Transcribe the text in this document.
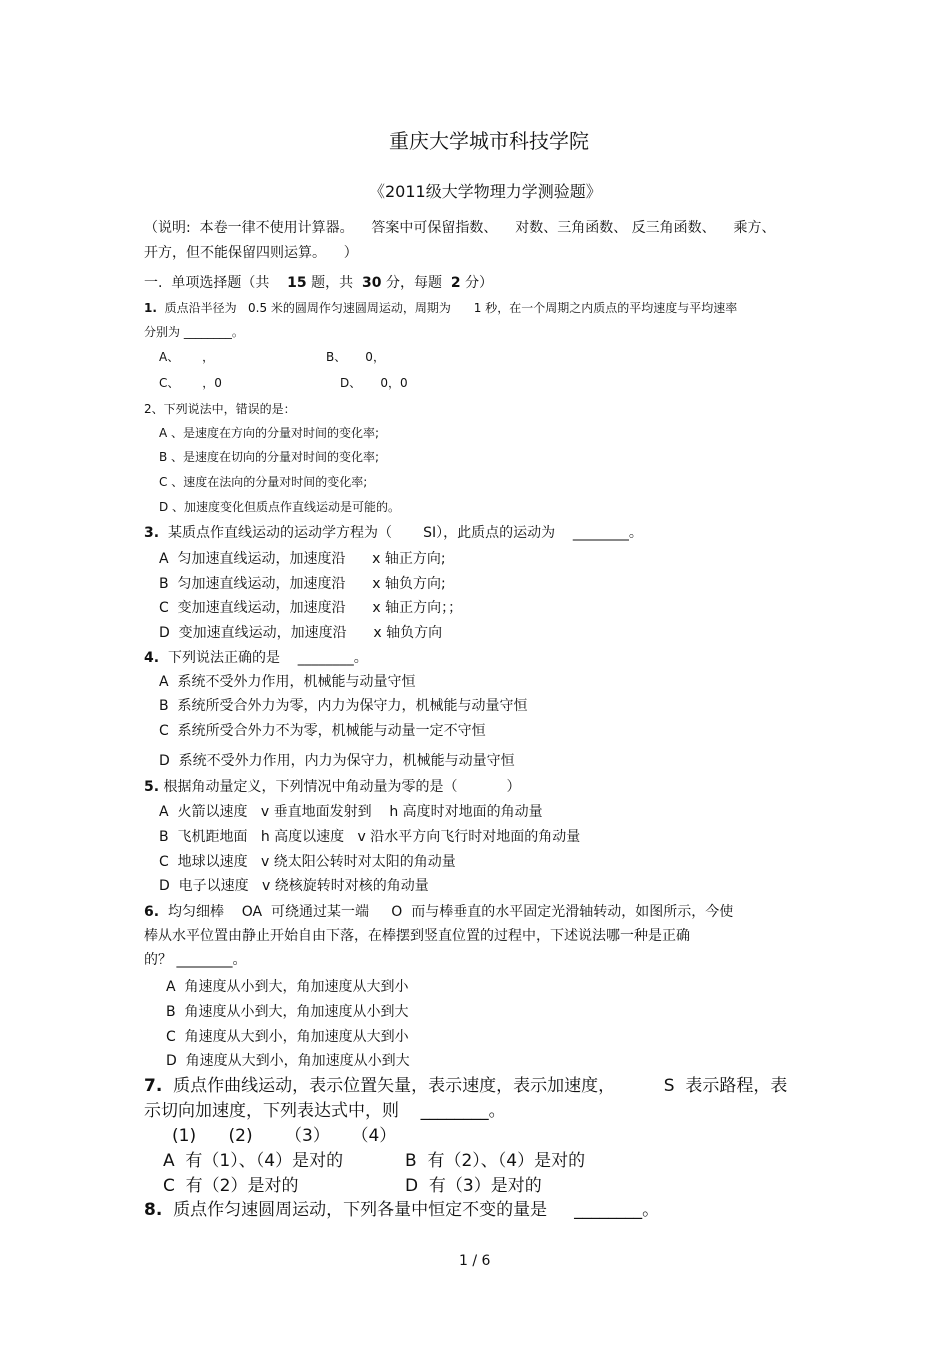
重庆大学城市科技学院
《2011级大学物理力学测验题》
（说明:  本卷一律不使用计算器。    答案中可保留指数、    对数、三角函数、 反三角函数、    乘方、
开方，但不能保留四则运算。    ）
一.  单项选择题（共 15 题，共 30 分，每题 2 分）
1. 质点沿半径为   0.5 米的圆周作匀速圆周运动，周期为      1 秒，在一个周期之内质点的平均速度与平均速率
分别为 ________。
A、      ，	B、     0，
C、      ，0	D、     0，0
2、下列说法中，错误的是：
A 、是速度在方向的分量对时间的变化率;
B 、是速度在切向的分量对时间的变化率;
C 、速度在法向的分量对时间的变化率;
D 、加速度变化但质点作直线运动是可能的。
3. 某质点作直线运动的运动学方程为（       SI），此质点的运动为    ________。
A  匀加速直线运动，加速度沿      x 轴正方向;
B  匀加速直线运动，加速度沿      x 轴负方向;
C  变加速直线运动，加速度沿      x 轴正方向；；
D  变加速直线运动，加速度沿      x 轴负方向
4. 下列说法正确的是    ________。
A  系统不受外力作用，机械能与动量守恒
B  系统所受合外力为零，内力为保守力，机械能与动量守恒
C  系统所受合外力不为零，机械能与动量一定不守恒
D  系统不受外力作用，内力为保守力，机械能与动量守恒
5. 根据角动量定义，下列情况中角动量为零的是（           ）
A  火箭以速度   v 垂直地面发射到    h 高度时对地面的角动量
B  飞机距地面   h 高度以速度   v 沿水平方向飞行时对地面的角动量
C  地球以速度   v 绕太阳公转时对太阳的角动量
D  电子以速度   v 绕核旋转时对核的角动量
6. 均匀细棒    OA  可绕通过某一端     O  而与棒垂直的水平固定光滑轴转动，如图所示，今使
棒从水平位置由静止开始自由下落，在棒摆到竖直位置的过程中，下述说法哪一种是正确
的？ ________。
A  角速度从小到大，角加速度从大到小
B  角速度从小到大，角加速度从小到大
C  角速度从大到小，角加速度从大到小
D  角速度从大到小，角加速度从小到大
7. 质点作曲线运动，表示位置矢量，表示速度，表示加速度，         S  表示路程，表
示切向加速度，下列表达式中，则    ________。
(1)      (2)      （3）    （4）
A  有（1）、（4）是对的	B  有（2）、（4）是对的
C  有（2）是对的	D  有（3）是对的
8. 质点作匀速圆周运动，下列各量中恒定不变的量是     ________。
1 / 6
